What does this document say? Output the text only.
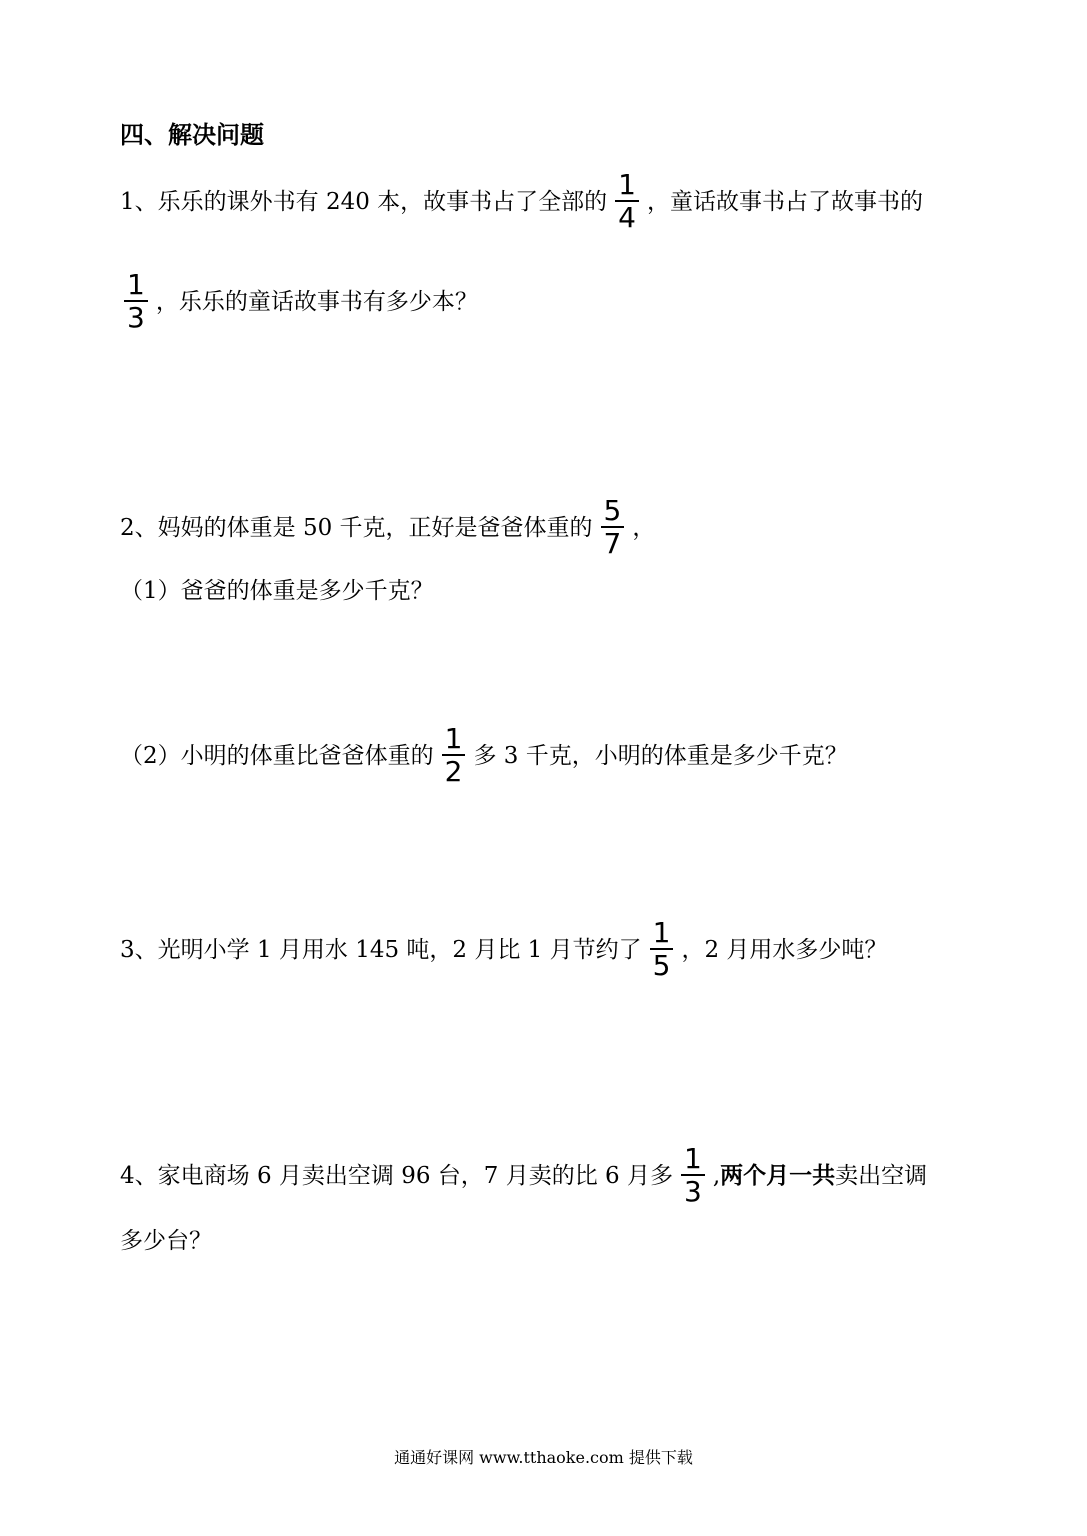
四、解决问题
1、乐乐的课外书有 240 本，故事书占了全部的 $\frac{1}{4}$ ，童话故事书占了故事书的
$\frac{1}{3}$ ，乐乐的童话故事书有多少本？
2、妈妈的体重是 50 千克，正好是爸爸体重的 $\frac{5}{7}$ ，
（1）爸爸的体重是多少千克？
（2）小明的体重比爸爸体重的 $\frac{1}{2}$ 多 3 千克，小明的体重是多少千克？
3、光明小学 1 月用水 145 吨，2 月比 1 月节约了 $\frac{1}{5}$ ，2 月用水多少吨？
4、家电商场 6 月卖出空调 96 台，7 月卖的比 6 月多 $\frac{1}{3}$ , 两个月一共 卖出空调
多少台？
通通好课网 www.tthaoke.com 提供下载
